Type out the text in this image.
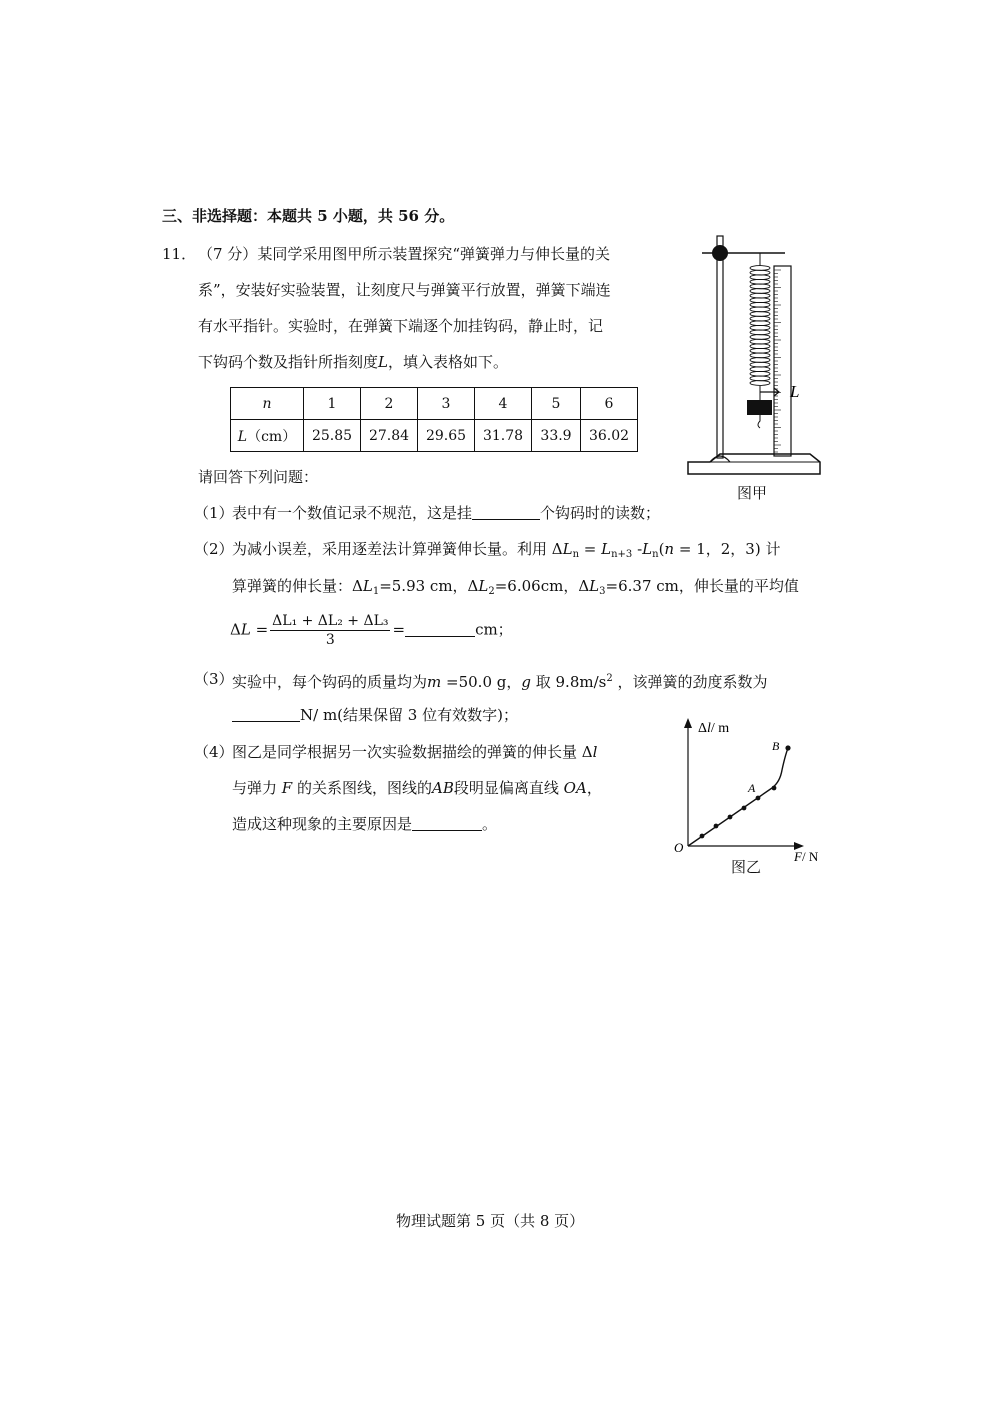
三、非选择题：本题共 5 小题，共 56 分。
11． （7 分）某同学采用图甲所示装置探究“弹簧弹力与伸长量的关
系”，安装好实验装置，让刻度尺与弹簧平行放置，弹簧下端连
有水平指针。实验时，在弹簧下端逐个加挂钩码，静止时，记
下钩码个数及指针所指刻度L，填入表格如下。
n	1	2	3	4	5	6
L（cm）	25.85	27.84	29.65	31.78	33.9	36.02
L
图甲
请回答下列问题：
（1）
表中有一个数值记录不规范，这是挂	个钩码时的读数；
（2）
为减小误差，采用逐差法计算弹簧伸长量。利用 $\Delta L_n = L_{n+3}$ $-L_n(n = 1$，2，3) 计
算弹簧的伸长量：$\Delta L_1=5.93$ cm，$\Delta L_2=6.06cm$，$\Delta L_3=6.37$ cm，伸长量的平均值
$\Delta L = \frac{\text{ΔL₁ + ΔL₂ + ΔL₃}}{3}$ =	cm；
（3）
实验中，每个钩码的质量均为m =50.0 g，g 取 $9.8m/s^2$ ，该弹簧的劲度系数为
N/ m(结果保留 3 位有效数字)；
（4）
图乙是同学根据另一次实验数据描绘的弹簧的伸长量 Δl
与弹力 F 的关系图线，图线的AB段明显偏离直线 OA，
造成这种现象的主要原因是	。
Δl/ m
B
A
O
F/ N
图乙
物理试题第 5 页（共 8 页）
